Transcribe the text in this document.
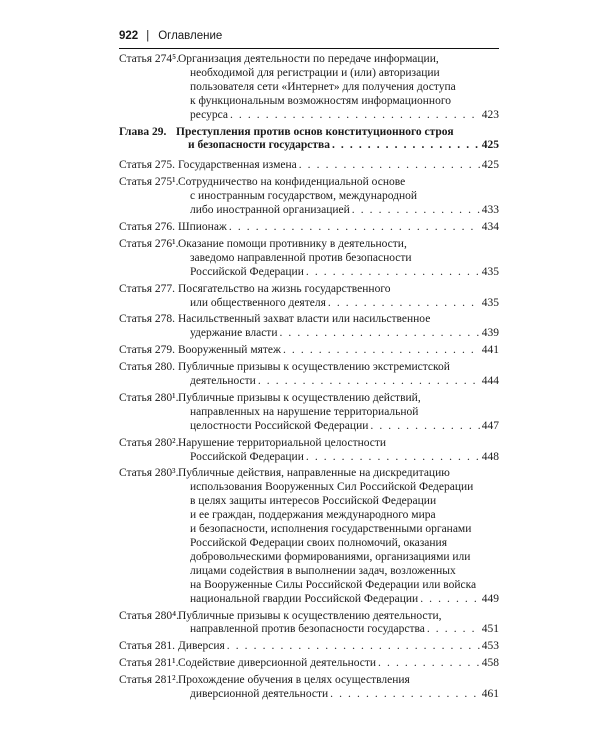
922 | Оглавление
Статья 274⁵.
Организация деятельности по передаче информации,
необходимой для регистрации и (или) авторизации
пользователя сети «Интернет» для получения доступа
к функциональным возможностям информационного
ресурса . . .	423
Глава 29. Преступления против основ конституционного строя
и безопасности государства . . .	425
Статья 275. Государственная измена . . .	425
Статья 275¹. Сотрудничество на конфиденциальной основе
с иностранным государством, международной
либо иностранной организацией . . .	433
Статья 276. Шпионаж . . .	434
Статья 276¹. Оказание помощи противнику в деятельности,
заведомо направленной против безопасности
Российской Федерации . . .	435
Статья 277. Посягательство на жизнь государственного
или общественного деятеля . . .	435
Статья 278. Насильственный захват власти или насильственное
удержание власти . . .	439
Статья 279. Вооруженный мятеж . . .	441
Статья 280. Публичные призывы к осуществлению экстремистской
деятельности . . .	444
Статья 280¹. Публичные призывы к осуществлению действий,
направленных на нарушение территориальной
целостности Российской Федерации . . .	447
Статья 280². Нарушение территориальной целостности
Российской Федерации . . .	448
Статья 280³. Публичные действия, направленные на дискредитацию
использования Вооруженных Сил Российской Федерации
в целях защиты интересов Российской Федерации
и ее граждан, поддержания международного мира
и безопасности, исполнения государственными органами
Российской Федерации своих полномочий, оказания
добровольческими формированиями, организациями или
лицами содействия в выполнении задач, возложенных
на Вооруженные Силы Российской Федерации или войска
национальной гвардии Российской Федерации . . .	449
Статья 280⁴.
Публичные призывы к осуществлению деятельности,
направленной против безопасности государства . . .	451
Статья 281. Диверсия . . .	453
Статья 281¹. Содействие диверсионной деятельности . . .	458
Статья 281². Прохождение обучения в целях осуществления
диверсионной деятельности . . .	461
